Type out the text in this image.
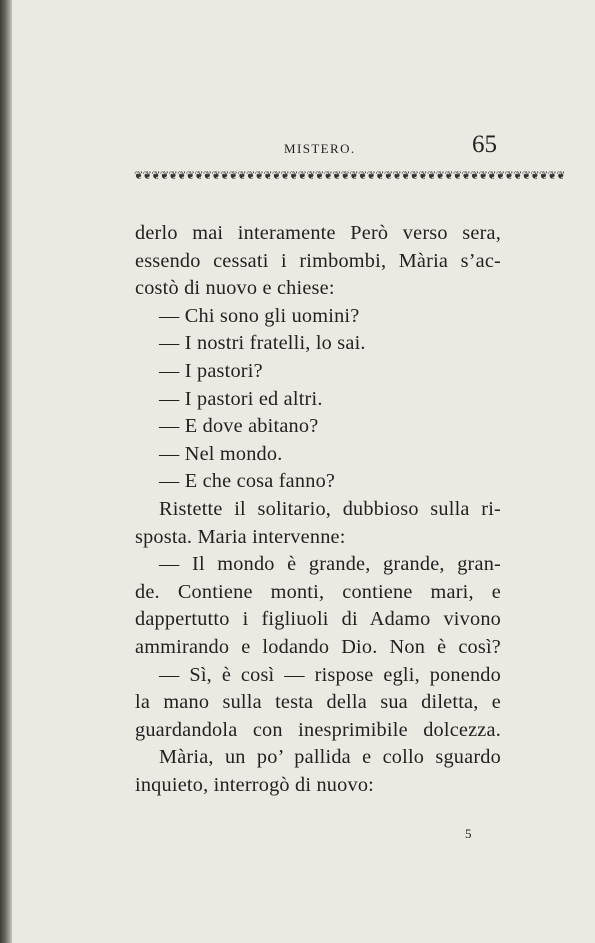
MISTERO.	65
❦❦❦❦❦❦❦❦❦❦❦❦❦❦❦❦❦❦❦❦❦❦❦❦❦❦❦❦❦❦❦❦❦❦❦❦❦❦❦❦❦❦❦❦❦❦❦❦❦❦
derlo mai interamente Però verso sera,
essendo cessati i rimbombi, Mària s’ac-
costò di nuovo e chiese:
— Chi sono gli uomini?
— I nostri fratelli, lo sai.
— I pastori?
— I pastori ed altri.
— E dove abitano?
— Nel mondo.
— E che cosa fanno?
Ristette il solitario, dubbioso sulla ri-
sposta. Maria intervenne:
— Il mondo è grande, grande, gran-
de. Contiene monti, contiene mari, e
dappertutto i figliuoli di Adamo vivono
ammirando e lodando Dio. Non è così?
— Sì, è così — rispose egli, ponendo
la mano sulla testa della sua diletta, e
guardandola con inesprimibile dolcezza.
Mària, un po’ pallida e collo sguardo
inquieto, interrogò di nuovo:
5
